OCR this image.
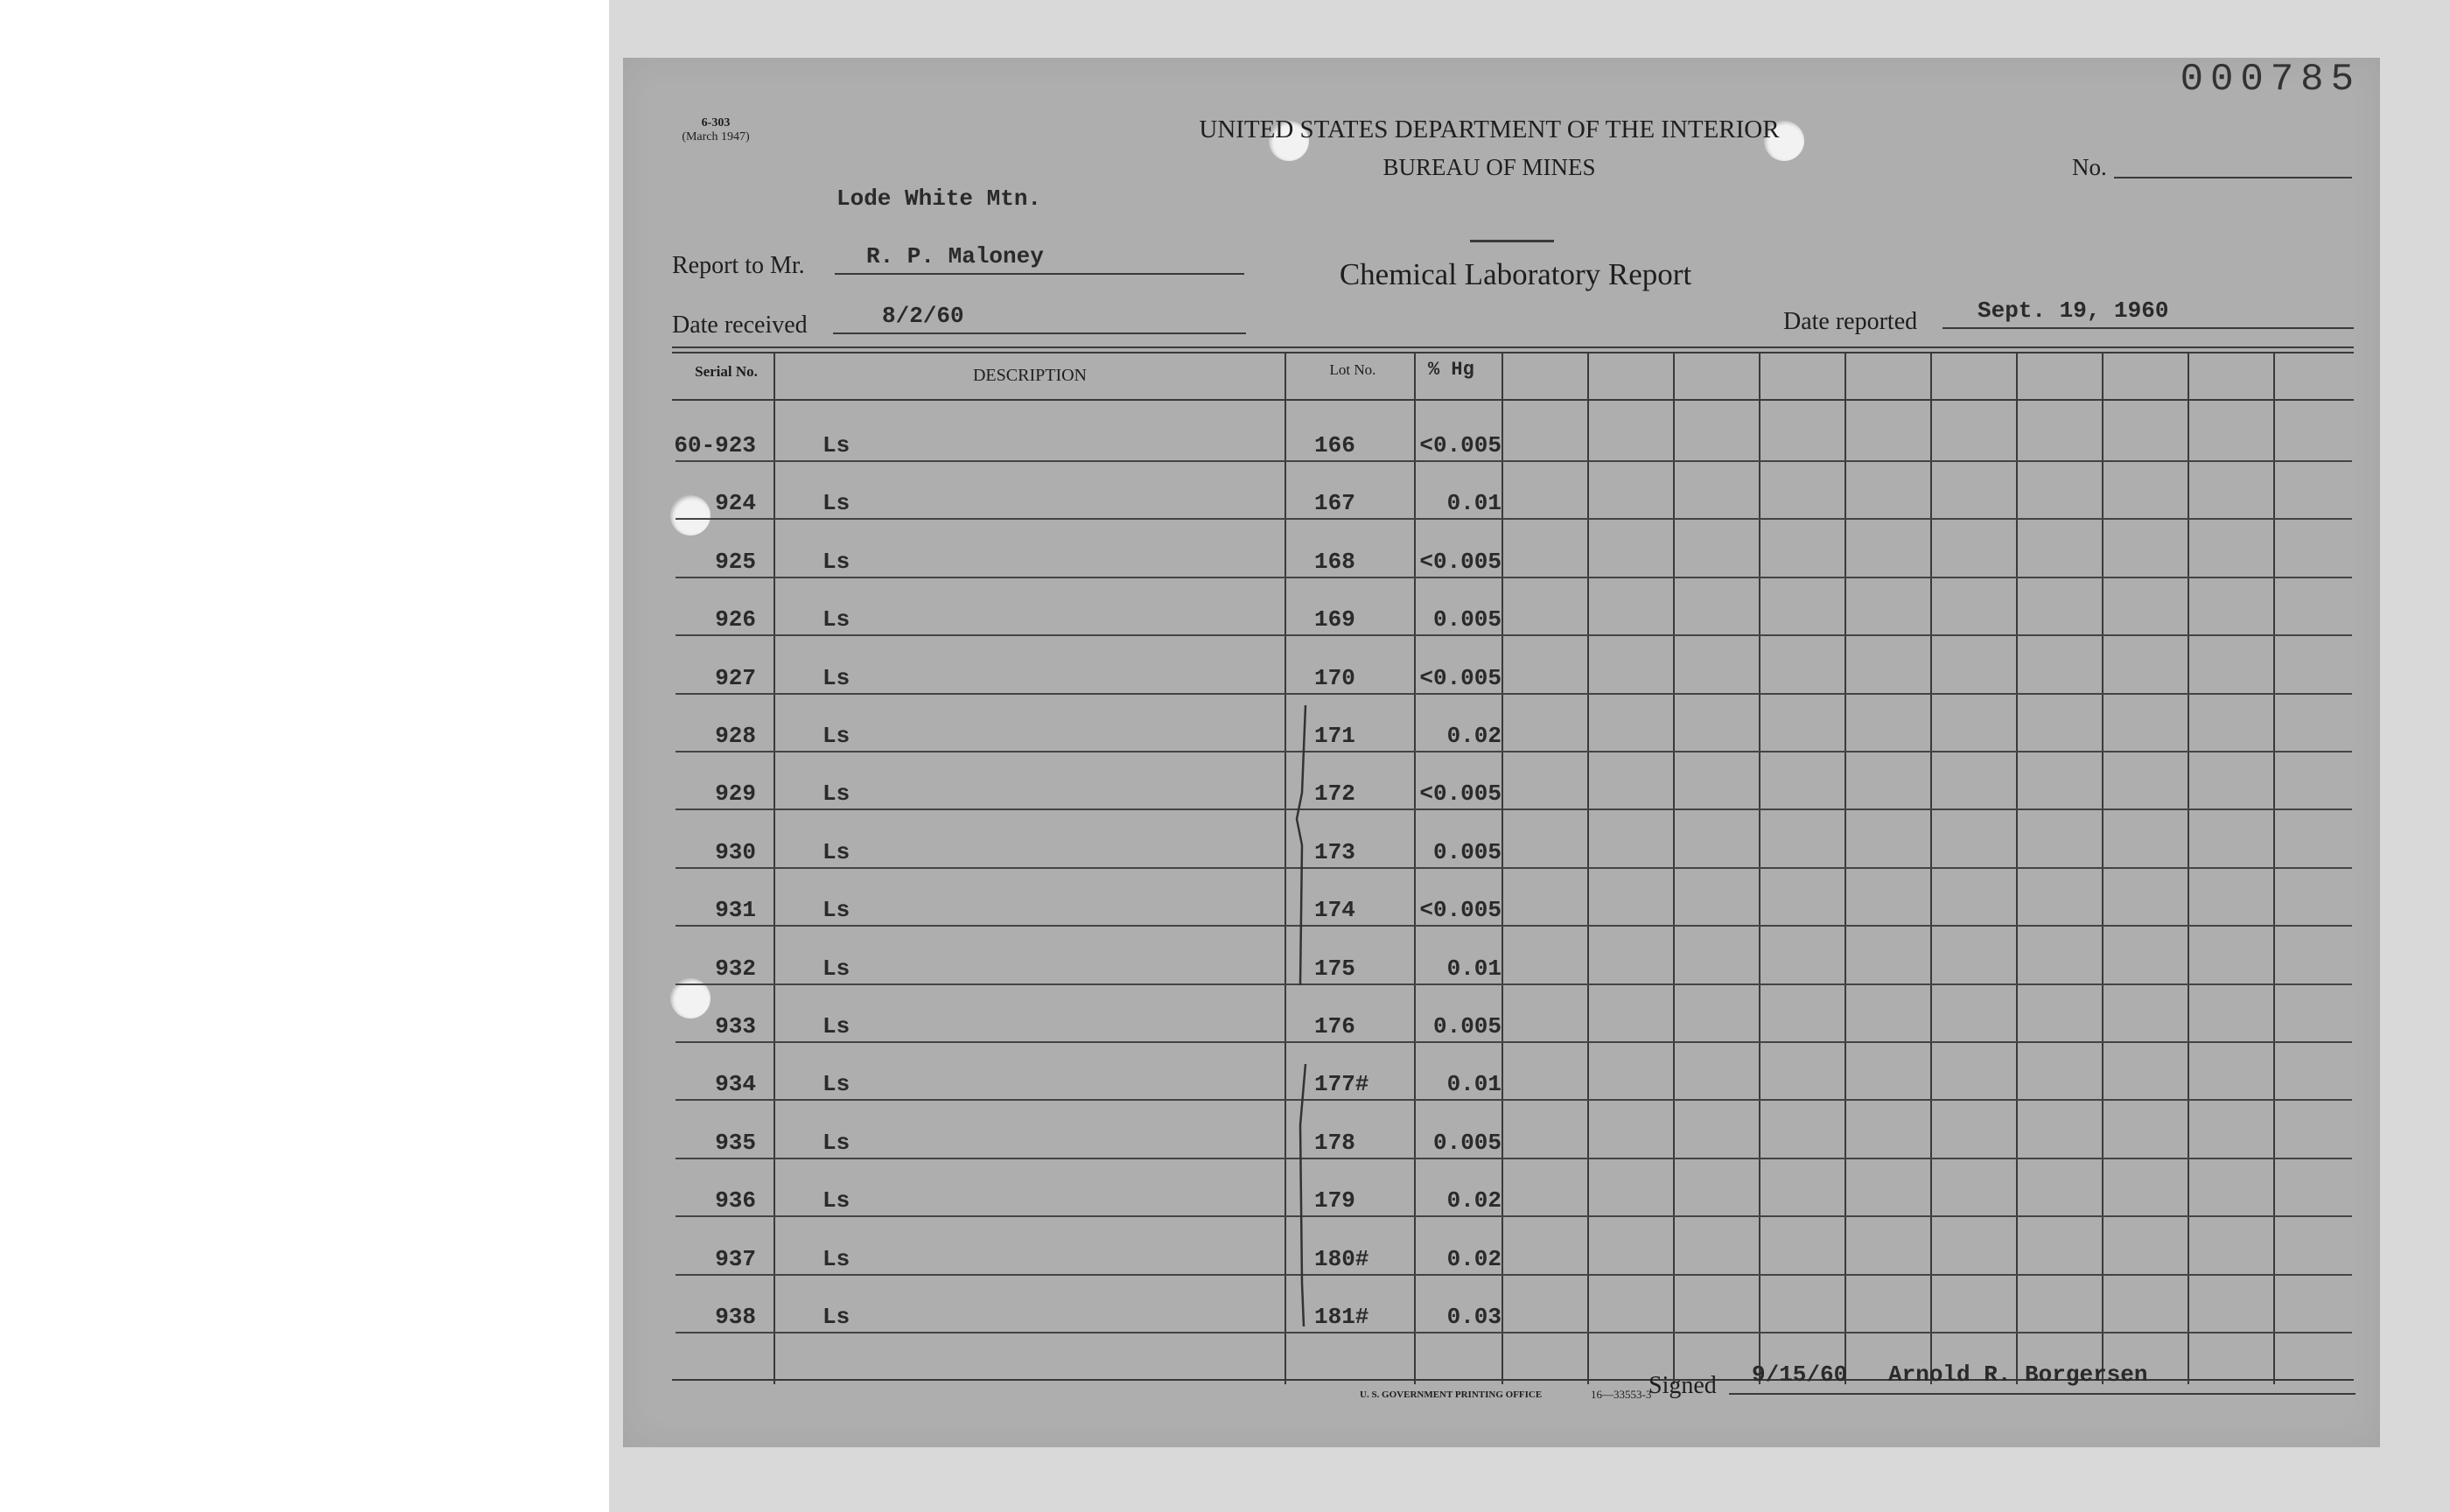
000785
6-303
(March 1947)	UNITED STATES DEPARTMENT OF THE INTERIOR
BUREAU OF MINES
Chemical Laboratory Report
No.
Lode White Mtn.
Report to Mr.	R. P. Maloney
Date received	8/2/60	Date reported	Sept. 19, 1960
Serial No.	DESCRIPTION	Lot No.	% Hg
60-923	Ls	166	<0.005
924	Ls	167	0.01
925	Ls	168	<0.005
926	Ls	169	0.005
927	Ls	170	<0.005
928	Ls	171	0.02
929	Ls	172	<0.005
930	Ls	173	0.005
931	Ls	174	<0.005
932	Ls	175	0.01
933	Ls	176	0.005
934	Ls	177#	0.01
935	Ls	178	0.005
936	Ls	179	0.02
937	Ls	180#	0.02
938	Ls	181#	0.03
U. S. GOVERNMENT PRINTING OFFICE	16—33553-3
Signed 9/15/60   Arnold R. Borgersen
